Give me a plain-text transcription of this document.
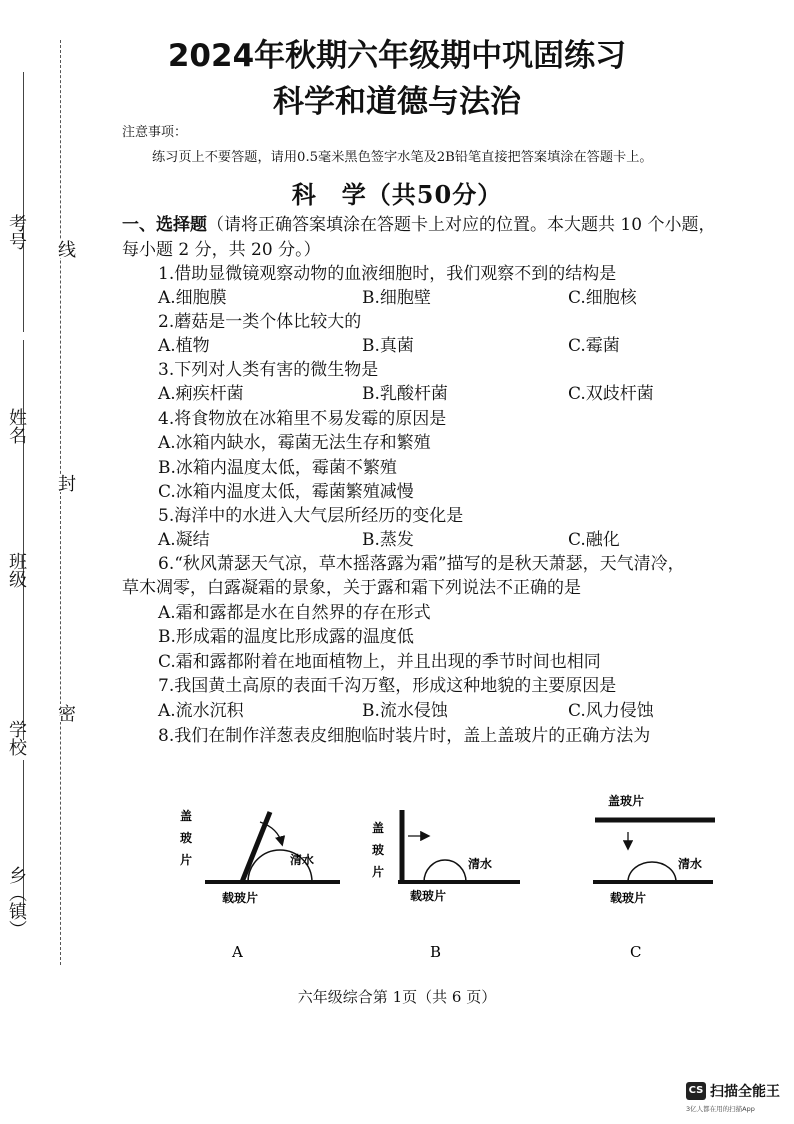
考号
姓名
班级
学校
乡（镇）
线
封
密
2024年秋期六年级期中巩固练习
科学和道德与法治
注意事项：
练习页上不要答题，请用0.5毫米黑色签字水笔及2B铅笔直接把答案填涂在答题卡上。
科　学（共50分）
一、选择题（请将正确答案填涂在答题卡上对应的位置。本大题共 10 个小题，
每小题 2 分，共 20 分。）
1.借助显微镜观察动物的血液细胞时，我们观察不到的结构是
A.细胞膜	B.细胞壁	C.细胞核
2.蘑菇是一类个体比较大的
A.植物	B.真菌	C.霉菌
3.下列对人类有害的微生物是
A.痢疾杆菌	B.乳酸杆菌	C.双歧杆菌
4.将食物放在冰箱里不易发霉的原因是
A.冰箱内缺水，霉菌无法生存和繁殖
B.冰箱内温度太低，霉菌不繁殖
C.冰箱内温度太低，霉菌繁殖减慢
5.海洋中的水进入大气层所经历的变化是
A.凝结	B.蒸发	C.融化
6.“秋风萧瑟天气凉，草木摇落露为霜”描写的是秋天萧瑟，天气清冷，
草木凋零，白露凝霜的景象，关于露和霜下列说法不正确的是
A.霜和露都是水在自然界的存在形式
B.形成霜的温度比形成露的温度低
C.霜和露都附着在地面植物上，并且出现的季节时间也相同
7.我国黄土高原的表面千沟万壑，形成这种地貌的主要原因是
A.流水沉积	B.流水侵蚀	C.风力侵蚀
8.我们在制作洋葱表皮细胞临时装片时，盖上盖玻片的正确方法为
盖
玻
片	清水
载玻片
A
盖
玻
片
清水
载玻片
B
盖玻片
清水
载玻片
C
六年级综合第 1页（共 6 页）
CS 扫描全能王
3亿人都在用的扫描App
